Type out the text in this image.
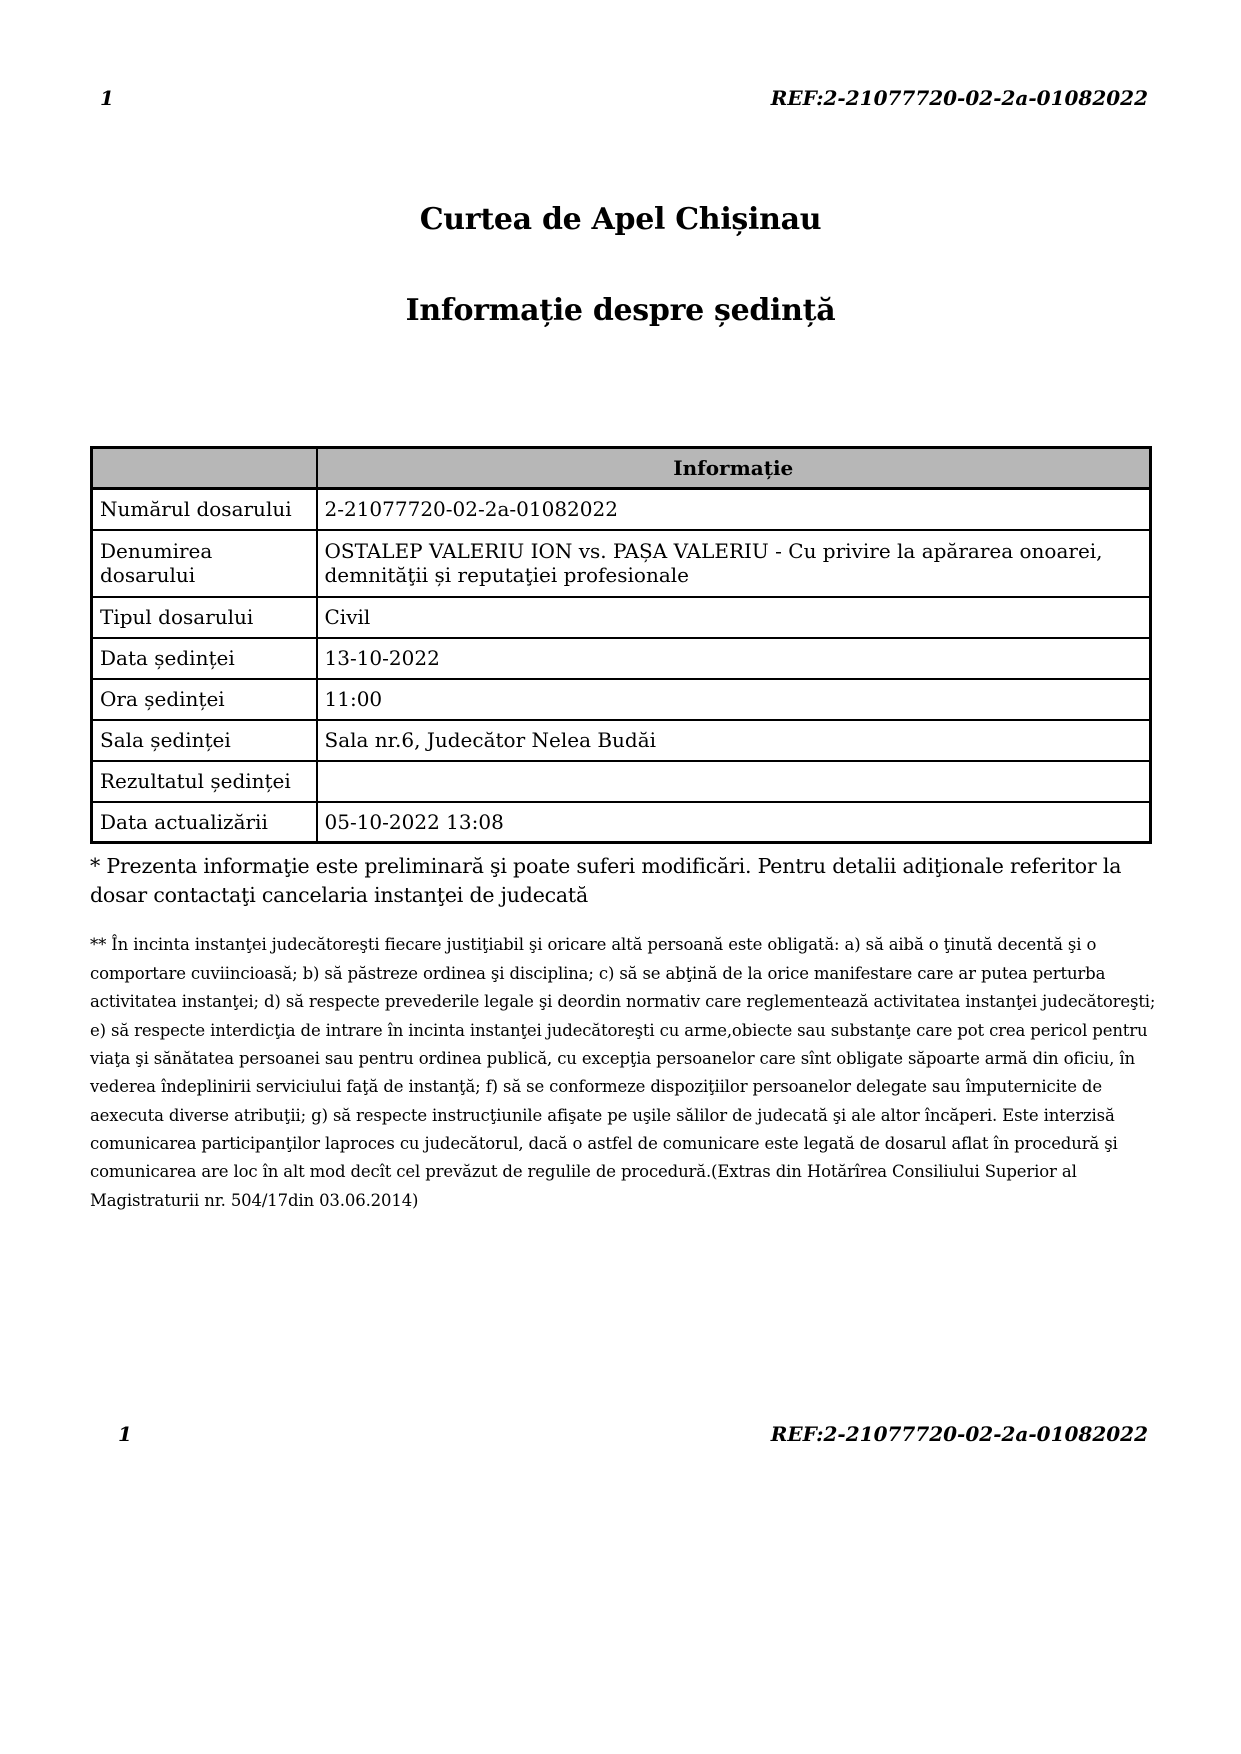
1	REF:2-21077720-02-2a-01082022
Curtea de Apel Chișinau
Informație despre ședință
	Informație
Numărul dosarului	2-21077720-02-2a-01082022
Denumirea dosarului	OSTALEP VALERIU ION vs. PAȘA VALERIU - Cu privire la apărarea onoarei, demnităţii și reputaţiei profesionale
Tipul dosarului	Civil
Data ședinței	13-10-2022
Ora ședinței	11:00
Sala ședinței	Sala nr.6, Judecător Nelea Budăi
Rezultatul ședinței	
Data actualizării	05-10-2022 13:08
* Prezenta informaţie este preliminară şi poate suferi modificări. Pentru detalii adiţionale referitor la dosar contactaţi cancelaria instanţei de judecată
** În incinta instanţei judecătoreşti fiecare justiţiabil şi oricare altă persoană este obligată: a) să aibă o ţinută decentă şi o comportare cuviincioasă; b) să păstreze ordinea şi disciplina; c) să se abţină de la orice manifestare care ar putea perturba activitatea instanţei; d) să respecte prevederile legale şi deordin normativ care reglementează activitatea instanţei judecătoreşti; e) să respecte interdicţia de intrare în incinta instanţei judecătoreşti cu arme,obiecte sau substanţe care pot crea pericol pentru viaţa şi sănătatea persoanei sau pentru ordinea publică, cu excepţia persoanelor care sînt obligate săpoarte armă din oficiu, în vederea îndeplinirii serviciului faţă de instanţă; f) să se conformeze dispoziţiilor persoanelor delegate sau împuternicite de aexecuta diverse atribuţii; g) să respecte instrucţiunile afişate pe uşile sălilor de judecată şi ale altor încăperi. Este interzisă comunicarea participanţilor laproces cu judecătorul, dacă o astfel de comunicare este legată de dosarul aflat în procedură şi comunicarea are loc în alt mod decît cel prevăzut de regulile de procedură.(Extras din Hotărîrea Consiliului Superior al Magistraturii nr. 504/17din 03.06.2014)
1	REF:2-21077720-02-2a-01082022
